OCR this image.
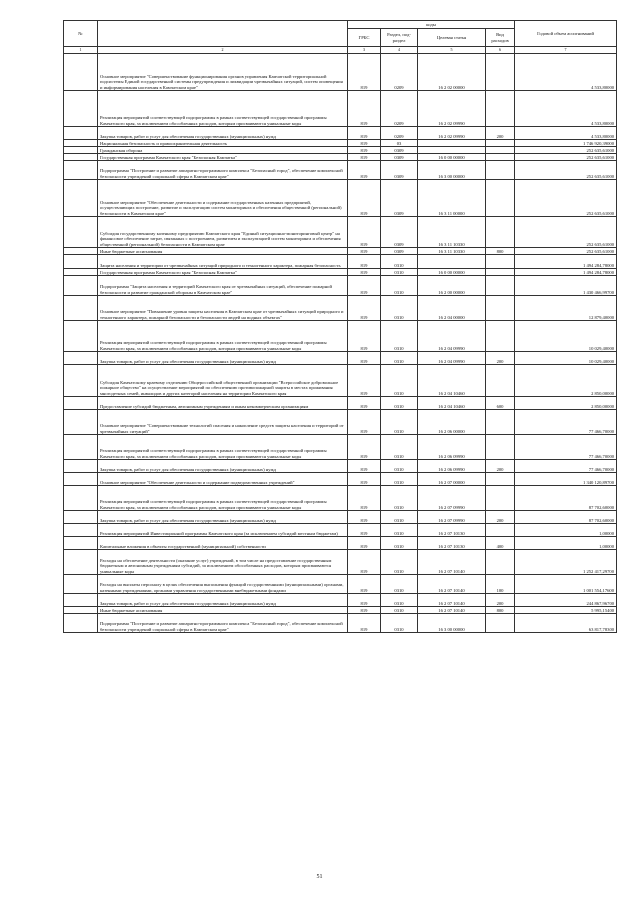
№		коды				Годовой объем ассигнований
		ГРБС	Раздел, под-раздел	Целевая статья	Вид расходов	
1	2	3	4	5	6	7
	Основное мероприятие "Совершенствование функционирования органов управления Камчатской территориальной подсистемы Единой государственной системы предупреждения и ликвидации чрезвычайных ситуаций, систем оповещения и информирования населения в Камчатском крае"	819	0209	16 2 02 00000		4 533,80000
	Реализация мероприятий соответствующей подпрограммы в рамках соответствующей государственной программы Камчатского края, за исключением обособленных расходов, которым присваиваются уникальные коды	819	0209	16 2 02 09990		4 533,80000
	Закупка товаров, работ и услуг для обеспечения государственных (муниципальных) нужд	819	0209	16 2 02 09990	200	4 533,80000
	Национальная безопасность и правоохранительная деятельность	819	03			1 746 920,39000
	Гражданская оборона	819	0309			252 635,61000
	Государственная программа Камчатского края "Безопасная Камчатка"	819	0309	16 0 00 00000		252 635,61000
	Подпрограмма "Построение и развитие аппаратно-программного комплекса "Безопасный город", обеспечение комплексной безопасности учреждений социальной сферы в Камчатском крае"	819	0309	16 3 00 00000		252 635,61000
	Основное мероприятие "Обеспечение деятельности и содержание государственных казенных предприятий, осуществляющих построение, развитие и эксплуатацию систем мониторинга и обеспечения общественной (региональной) безопасности в Камчатском крае"	819	0309	16 3 11 00000		252 635,61000
	Субсидия государственному казенному предприятию Камчатского края "Единый ситуационно-мониторинговый центр" на финансовое обеспечение затрат, связанных с построением, развитием и эксплуатацией систем мониторинга и обеспечения общественной (региональной) безопасности в Камчатском крае	819	0309	16 3 11 10330		252 635,61000
	Иные бюджетные ассигнования	819	0309	16 3 11 10330	800	252 635,61000
	Защита населения и территории от чрезвычайных ситуаций природного и техногенного характера, пожарная безопасность	819	0310			1 494 284,78000
	Государственная программа Камчатского края "Безопасная Камчатка"	819	0310	16 0 00 00000		1 494 284,78000
	Подпрограмма "Защита населения и территорий Камчатского края от чрезвычайных ситуаций, обеспечение пожарной безопасности и развитие гражданской обороны в Камчатском крае"	819	0310	16 2 00 00000		1 430 466,99700
	Основное мероприятие "Повышение уровня защиты населения в Камчатском крае от чрезвычайных ситуаций природного и техногенного характера, пожарной безопасности и безопасности людей на водных объектах"	819	0310	16 2 04 00000		12 879,40000
	Реализация мероприятий соответствующей подпрограммы в рамках соответствующей государственной программы Камчатского края, за исключением обособленных расходов, которым присваиваются уникальные коды	819	0310	16 2 04 09990		10 029,40000
	Закупка товаров, работ и услуг для обеспечения государственных (муниципальных) нужд	819	0310	16 2 04 09990	200	10 029,40000
	Субсидия Камчатскому краевому отделению Общероссийской общественной организации "Всероссийское добровольное пожарное общество" на осуществление мероприятий по обеспечению противопожарной защиты в местах проживания многодетных семей, инвалидов и других категорий населения на территории Камчатского края	819	0310	16 2 04 10460		2 850,00000
	Предоставление субсидий бюджетным, автономным учреждениям и иным некоммерческим организациям	819	0310	16 2 04 10460	600	2 850,00000
	Основное мероприятие "Совершенствование технологий спасения и накопление средств защиты населения и территорий от чрезвычайных ситуаций"	819	0310	16 2 06 00000		77 466,70000
	Реализация мероприятий соответствующей подпрограммы в рамках соответствующей государственной программы Камчатского края, за исключением обособленных расходов, которым присваиваются уникальные коды	819	0310	16 2 06 09990		77 466,70000
	Закупка товаров, работ и услуг для обеспечения государственных (муниципальных) нужд	819	0310	16 2 06 09990	200	77 466,70000
	Основное мероприятие "Обеспечение деятельности и содержание подведомственных учреждений"	819	0310	16 2 07 00000		1 340 120,89700
	Реализация мероприятий соответствующей подпрограммы в рамках соответствующей государственной программы Камчатского края, за исключением обособленных расходов, которым присваиваются уникальные коды	819	0310	16 2 07 09990		87 702,60000
	Закупка товаров, работ и услуг для обеспечения государственных (муниципальных) нужд	819	0310	16 2 07 09990	200	87 702,60000
	Реализация мероприятий Инвестиционной программы Камчатского края (за исключением субсидий местным бюджетам)	819	0310	16 2 07 10130		1,00000
	Капитальные вложения в объекты государственной (муниципальной) собственности	819	0310	16 2 07 10130	400	1,00000
	Расходы на обеспечение деятельности (оказание услуг) учреждений, в том числе на предоставление государственным бюджетным и автономным учреждениям субсидий, за исключением обособленных расходов, которым присваиваются уникальные коды	819	0310	16 2 07 10140		1 252 417,29700
	Расходы на выплаты персоналу в целях обеспечения выполнения функций государственными (муниципальными) органами, казенными учреждениями, органами управления государственными внебюджетными фондами	819	0310	16 2 07 10140	100	1 001 554,17600
	Закупка товаров, работ и услуг для обеспечения государственных (муниципальных) нужд	819	0310	16 2 07 10140	200	244 867,96700
	Иные бюджетные ассигнования	819	0310	16 2 07 10140	800	5 995,15400
	Подпрограмма "Построение и развитие аппаратно-программного комплекса "Безопасный город", обеспечение комплексной безопасности учреждений социальной сферы в Камчатском крае"	819	0310	16 3 00 00000		63 817,78300
51
